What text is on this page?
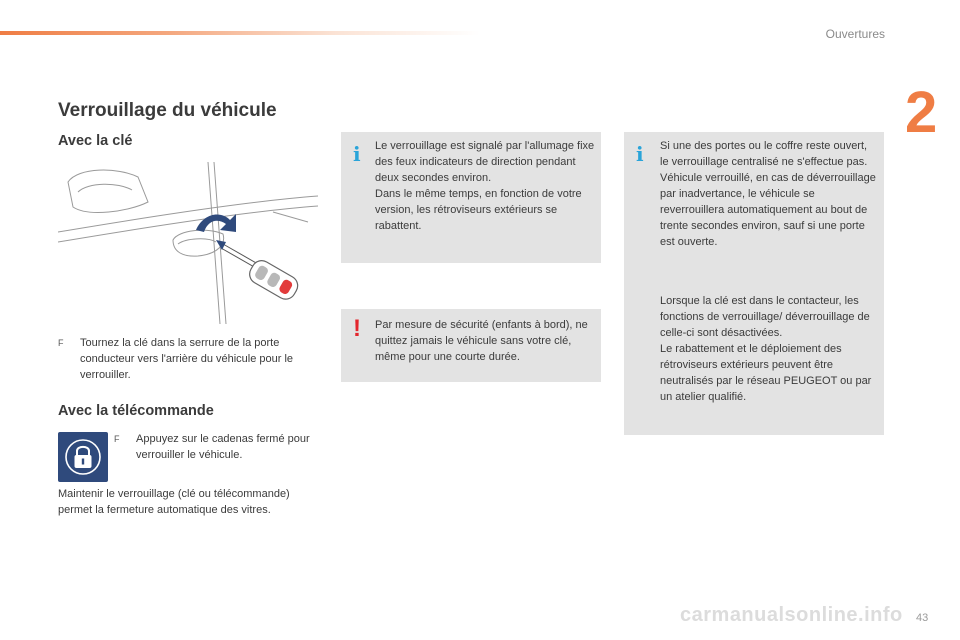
Ouvertures
2
Verrouillage du véhicule
Avec la clé
F	Tournez la clé dans la serrure de la porte conducteur vers l'arrière du véhicule pour le verrouiller.
Avec la télécommande
F	Appuyez sur le cadenas fermé pour verrouiller le véhicule.
Maintenir le verrouillage (clé ou télécommande) permet la fermeture automatique des vitres.
i Le verrouillage est signalé par l'allumage fixe des feux indicateurs de direction pendant deux secondes environ.
Dans le même temps, en fonction de votre version, les rétroviseurs extérieurs se rabattent.
! Par mesure de sécurité (enfants à bord), ne quittez jamais le véhicule sans votre clé, même pour une courte durée.
i Si une des portes ou le coffre reste ouvert, le verrouillage centralisé ne s'effectue pas.
Véhicule verrouillé, en cas de déverrouillage par inadvertance, le véhicule se reverrouillera automatiquement au bout de trente secondes environ, sauf si une porte est ouverte.
Lorsque la clé est dans le contacteur, les fonctions de verrouillage/ déverrouillage de celle-ci sont désactivées.
Le rabattement et le déploiement des rétroviseurs extérieurs peuvent être neutralisés par le réseau PEUGEOT ou par un atelier qualifié.
carmanualsonline.info 43
